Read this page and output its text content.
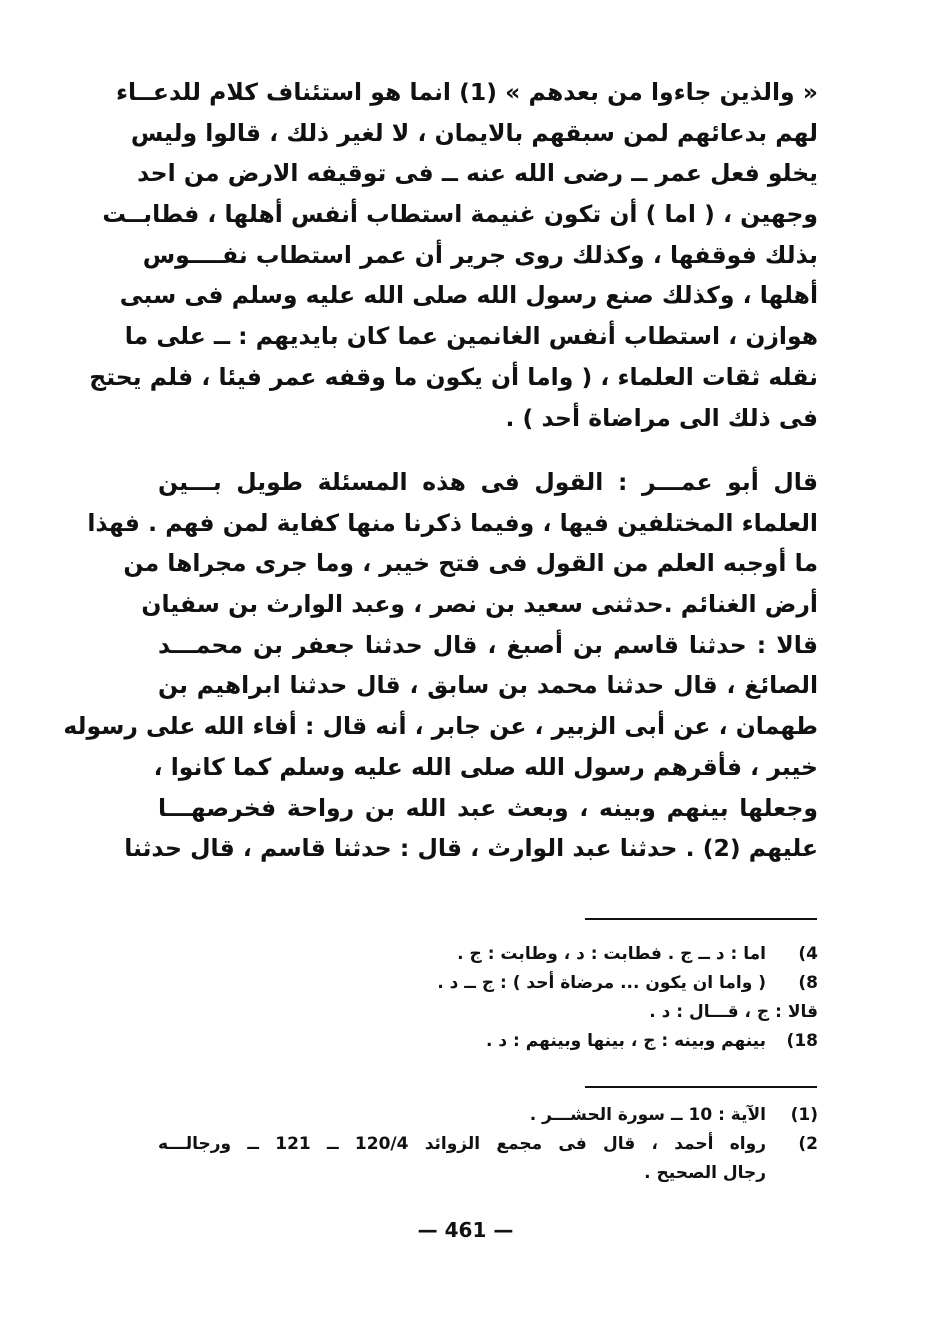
« والذين جاءوا من بعدهم » (1) انما هو استئناف كلام للدعــاء
لهم بدعائهم لمن سبقهم بالايمان ، لا لغير ذلك ، قالوا وليس
يخلو فعل عمر ــ رضى الله عنه ــ فى توقيفه الارض من احد
وجهين ، ( اما ) أن تكون غنيمة استطاب أنفس أهلها ، فطابــت
بذلك فوقفها ، وكذلك روى جرير أن عمر استطاب نفــــوس
أهلها ، وكذلك صنع رسول الله صلى الله عليه وسلم فى سبى
هوازن ، استطاب أنفس الغانمين عما كان بايديهم : ــ على ما
نقله ثقات العلماء ، ( واما أن يكون ما وقفه عمر فيئا ، فلم يحتج
فى ذلك الى مراضاة أحد ) .
قال أبو عمـــر : القول فى هذه المسئلة طويل بـــين
العلماء المختلفين فيها ، وفيما ذكرنا منها كفاية لمن فهم . فهذا
ما أوجبه العلم من القول فى فتح خيبر ، وما جرى مجراها من
أرض الغنائم .حدثنى سعيد بن نصر ، وعبد الوارث بن سفيان
قالا : حدثنا قاسم بن أصبغ ، قال حدثنا جعفر بن محمـــد
الصائغ ، قال حدثنا محمد بن سابق ، قال حدثنا ابراهيم بن
طهمان ، عن أبى الزبير ، عن جابر ، أنه قال : أفاء الله على رسوله
خيبر ، فأقرهم رسول الله صلى الله عليه وسلم كما كانوا ،
وجعلها بينهم وبينه ، وبعث عبد الله بن رواحة فخرصهـــا
عليهم (2) . حدثنا عبد الوارث ، قال : حدثنا قاسم ، قال حدثنا
4)
اما : د ــ ج . فطابت : د ، وطابت : ج .
8)
( واما ان يكون ... مرضاة أحد ) : ج ــ د .
قالا : ج ، قـــال : د .
18)
بينهم وبينه : ج ، بينها وبينهم : د .
(1)
الآية : 10 ــ سورة الحشـــر .
2)
رواه أحمد ، قال فى مجمع الزوائد 120/4 ــ 121 ــ ورجالـــه
رجال الصحيح .
— 461 —
